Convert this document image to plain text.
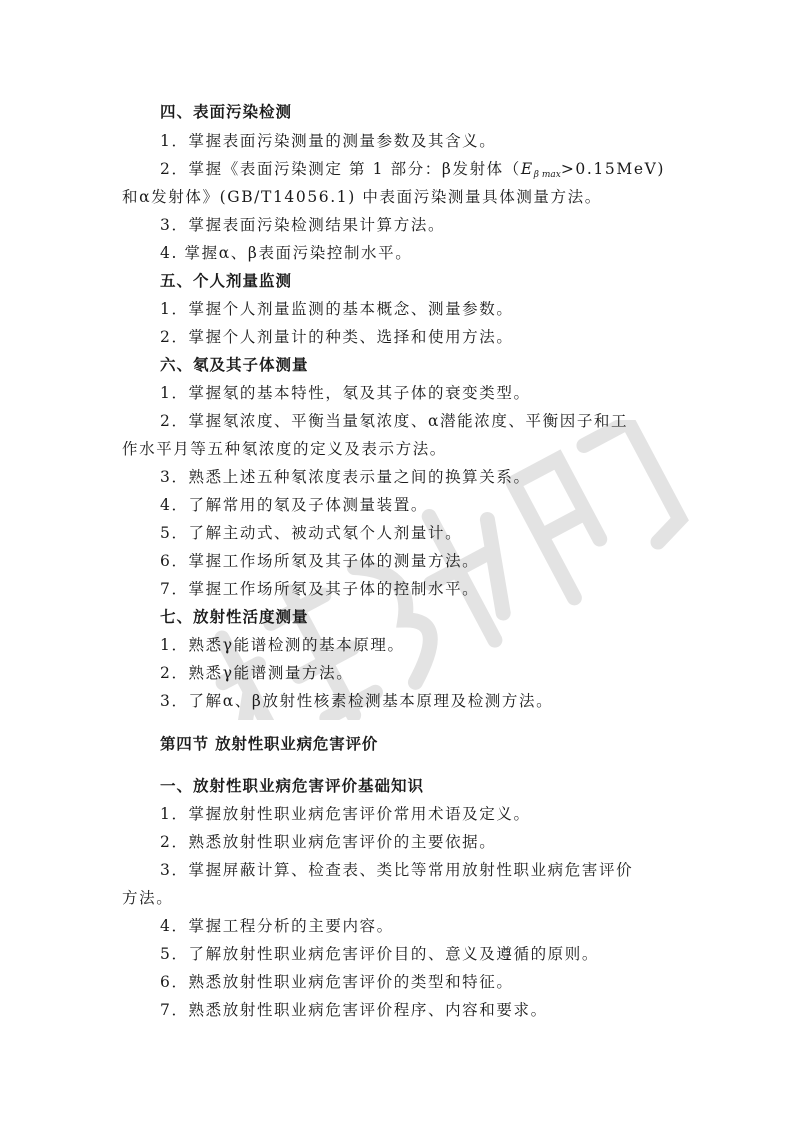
四、表面污染检测
1．掌握表面污染测量的测量参数及其含义。
2．掌握《表面污染测定 第 1 部分：β发射体$(E_{\beta max}>0.15MeV)$
和α发射体》(GB/T14056.1) 中表面污染测量具体测量方法。
3．掌握表面污染检测结果计算方法。
4. 掌握α、β表面污染控制水平。
五、个人剂量监测
1．掌握个人剂量监测的基本概念、测量参数。
2．掌握个人剂量计的种类、选择和使用方法。
六、氡及其子体测量
1．掌握氡的基本特性，氡及其子体的衰变类型。
2．掌握氡浓度、平衡当量氡浓度、α潜能浓度、平衡因子和工
作水平月等五种氡浓度的定义及表示方法。
3．熟悉上述五种氡浓度表示量之间的换算关系。
4．了解常用的氡及子体测量装置。
5．了解主动式、被动式氡个人剂量计。
6．掌握工作场所氡及其子体的测量方法。
7．掌握工作场所氡及其子体的控制水平。
七、放射性活度测量
1．熟悉γ能谱检测的基本原理。
2．熟悉γ能谱测量方法。
3．了解α、β放射性核素检测基本原理及检测方法。
第四节 放射性职业病危害评价
一、放射性职业病危害评价基础知识
1．掌握放射性职业病危害评价常用术语及定义。
2．熟悉放射性职业病危害评价的主要依据。
3．掌握屏蔽计算、检查表、类比等常用放射性职业病危害评价
方法。
4．掌握工程分析的主要内容。
5．了解放射性职业病危害评价目的、意义及遵循的原则。
6．熟悉放射性职业病危害评价的类型和特征。
7．熟悉放射性职业病危害评价程序、内容和要求。
